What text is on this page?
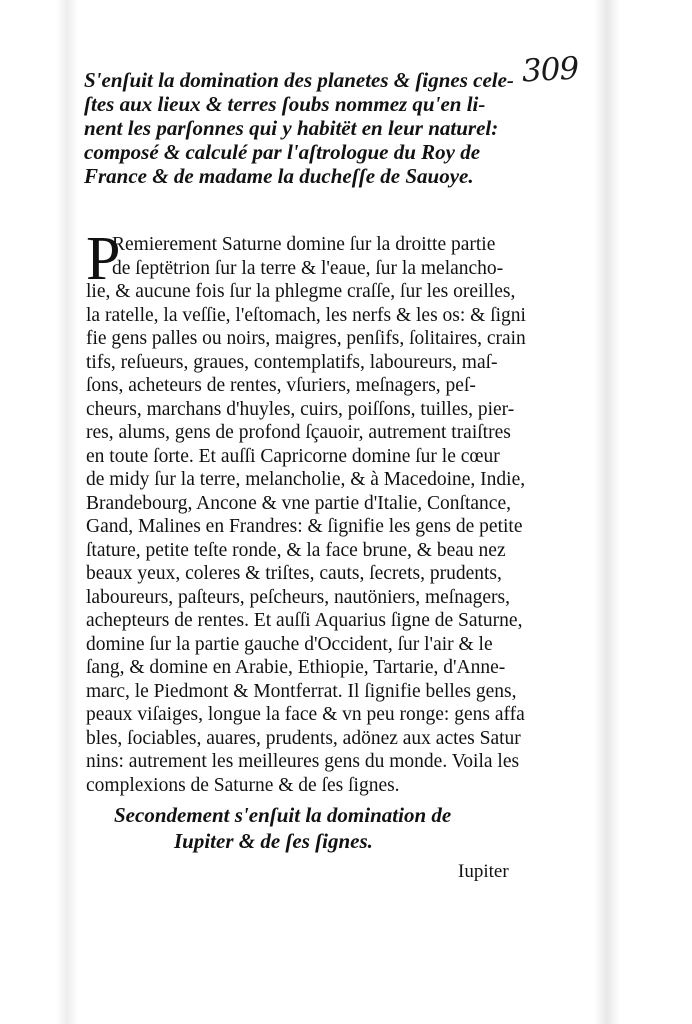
309
S'enſuit la domination des planetes & ſignes cele-
ſtes aux lieux & terres ſoubs nommez qu'en li-
nent les parſonnes qui y habitët en leur naturel:
composé & calculé par l'aſtrologue du Roy de
France & de madame la ducheſſe de Sauoye.
P
Remierement Saturne domine ſur la droitte partie
de ſeptëtrion ſur la terre & l'eaue, ſur la melancho-
lie, & aucune fois ſur la phlegme craſſe, ſur les oreilles,
la ratelle, la veſſie, l'eſtomach, les nerfs & les os: & ſigni
fie gens palles ou noirs, maigres, penſifs, ſolitaires, crain
tifs, reſueurs, graues, contemplatifs, laboureurs, maſ-
ſons, acheteurs de rentes, vſuriers, meſnagers, peſ-
cheurs, marchans d'huyles, cuirs, poiſſons, tuilles, pier-
res, alums, gens de profond ſçauoir, autrement traiſtres
en toute ſorte. Et auſſi Capricorne domine ſur le cœur
de midy ſur la terre, melancholie, & à Macedoine, Indie,
Brandebourg, Ancone & vne partie d'Italie, Conſtance,
Gand, Malines en Frandres: & ſignifie les gens de petite
ſtature, petite teſte ronde, & la face brune, & beau nez
beaux yeux, coleres & triſtes, cauts, ſecrets, prudents,
laboureurs, paſteurs, peſcheurs, nautöniers, meſnagers,
achepteurs de rentes. Et auſſi Aquarius ſigne de Saturne,
domine ſur la partie gauche d'Occident, ſur l'air & le
ſang, & domine en Arabie, Ethiopie, Tartarie, d'Anne-
marc, le Piedmont & Montferrat. Il ſignifie belles gens,
peaux viſaiges, longue la face & vn peu ronge: gens affa
bles, ſociables, auares, prudents, adönez aux actes Satur
nins: autrement les meilleures gens du monde. Voila les
complexions de Saturne & de ſes ſignes.
Secondement s'enſuit la domination de
Iupiter & de ſes ſignes.
Iupiter
